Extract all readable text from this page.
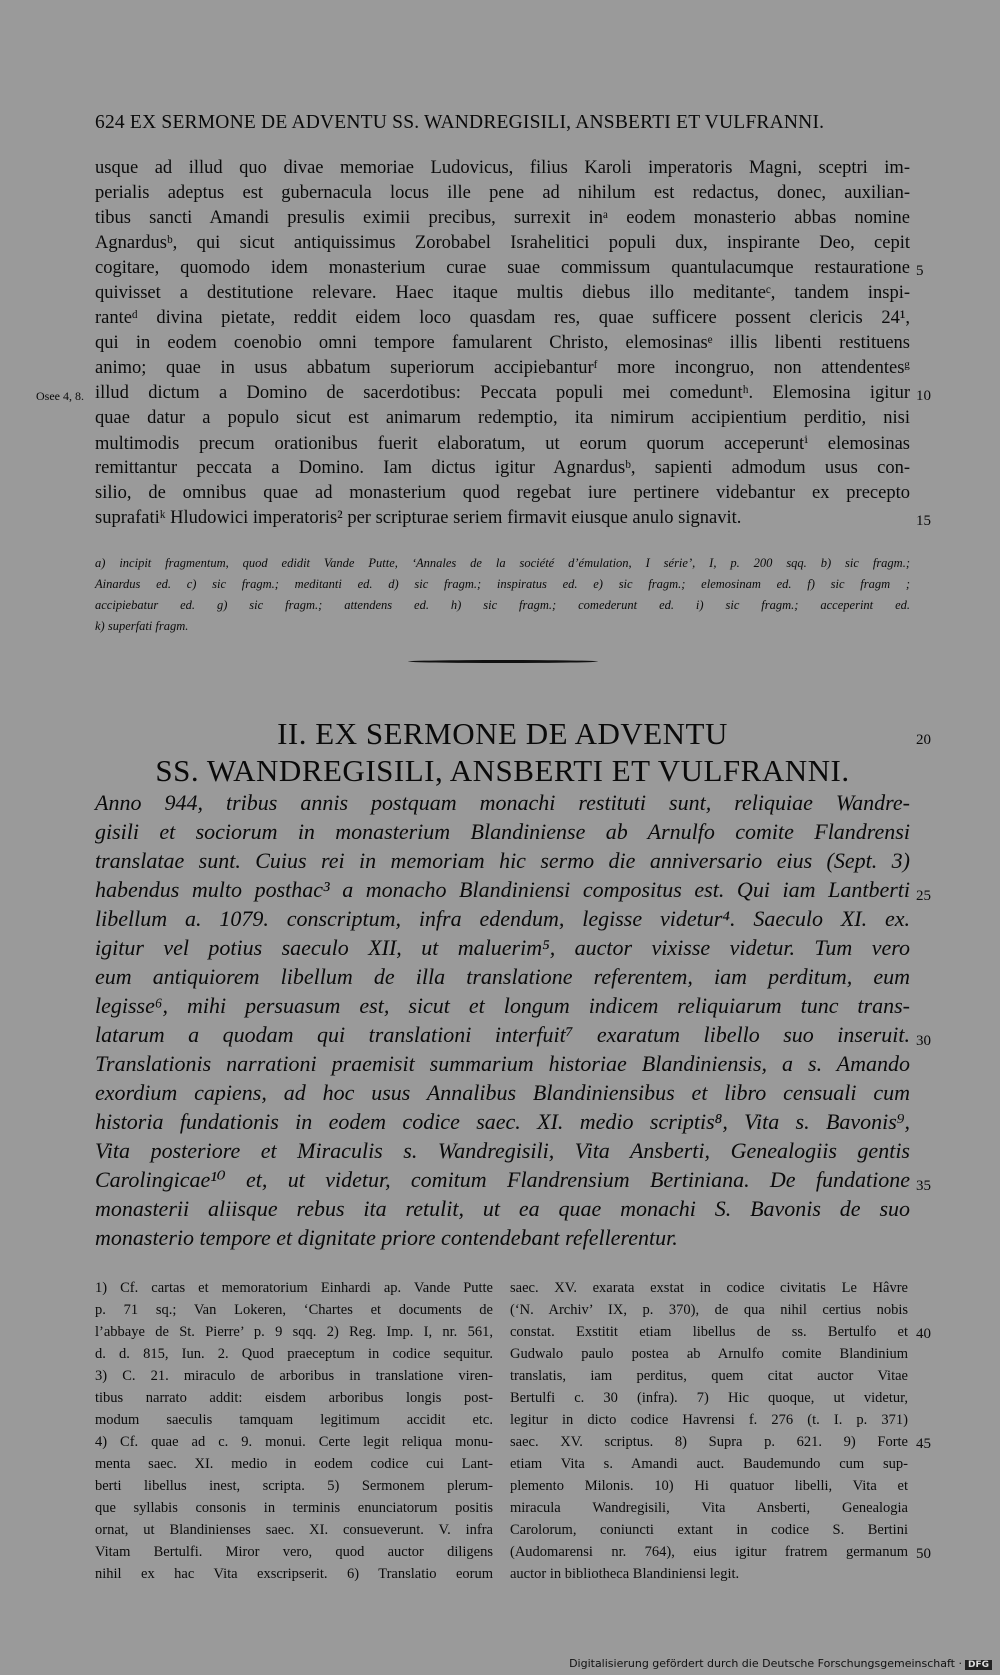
624 EX SERMONE DE ADVENTU SS. WANDREGISILI, ANSBERTI ET VULFRANNI.
usque ad illud quo divae memoriae Ludovicus, filius Karoli imperatoris Magni, sceptri im-
perialis adeptus est gubernacula locus ille pene ad nihilum est redactus, donec, auxilian-
tibus sancti Amandi presulis eximii precibus, surrexit inᵃ eodem monasterio abbas nomine
Agnardusᵇ, qui sicut antiquissimus Zorobabel Israhelitici populi dux, inspirante Deo, cepit
cogitare, quomodo idem monasterium curae suae commissum quantulacumque restauratione
quivisset a destitutione relevare. Haec itaque multis diebus illo meditanteᶜ, tandem inspi-
ranteᵈ divina pietate, reddit eidem loco quasdam res, quae sufficere possent clericis 24¹,
qui in eodem coenobio omni tempore famularent Christo, elemosinasᵉ illis libenti restituens
animo; quae in usus abbatum superiorum accipiebanturᶠ more incongruo, non attendentesᵍ
illud dictum a Domino de sacerdotibus: Peccata populi mei comeduntʰ. Elemosina igitur
quae datur a populo sicut est animarum redemptio, ita nimirum accipientium perditio, nisi
multimodis precum orationibus fuerit elaboratum, ut eorum quorum acceperuntⁱ elemosinas
remittantur peccata a Domino. Iam dictus igitur Agnardusᵇ, sapienti admodum usus con-
silio, de omnibus quae ad monasterium quod regebat iure pertinere videbantur ex precepto
suprafatiᵏ Hludowici imperatoris² per scripturae seriem firmavit eiusque anulo signavit.
5
10
15
Osee 4, 8.
a) incipit fragmentum, quod edidit Vande Putte, ‘Annales de la société d’émulation, I série’, I, p. 200 sqq. b) sic fragm.;
Ainardus ed. c) sic fragm.; meditanti ed. d) sic fragm.; inspiratus ed. e) sic fragm.; elemosinam ed. f) sic fragm ;
accipiebatur ed. g) sic fragm.; attendens ed. h) sic fragm.; comederunt ed. i) sic fragm.; acceperint ed.
k) superfati fragm.
II. EX SERMONE DE ADVENTU
SS. WANDREGISILI, ANSBERTI ET VULFRANNI.
20
Anno 944, tribus annis postquam monachi restituti sunt, reliquiae Wandre-
gisili et sociorum in monasterium Blandiniense ab Arnulfo comite Flandrensi
translatae sunt. Cuius rei in memoriam hic sermo die anniversario eius (Sept. 3)
habendus multo posthac³ a monacho Blandiniensi compositus est. Qui iam Lantberti
libellum a. 1079. conscriptum, infra edendum, legisse videtur⁴. Saeculo XI. ex.
igitur vel potius saeculo XII, ut maluerim⁵, auctor vixisse videtur. Tum vero
eum antiquiorem libellum de illa translatione referentem, iam perditum, eum
legisse⁶, mihi persuasum est, sicut et longum indicem reliquiarum tunc trans-
latarum a quodam qui translationi interfuit⁷ exaratum libello suo inseruit.
Translationis narrationi praemisit summarium historiae Blandiniensis, a s. Amando
exordium capiens, ad hoc usus Annalibus Blandiniensibus et libro censuali cum
historia fundationis in eodem codice saec. XI. medio scriptis⁸, Vita s. Bavonis⁹,
Vita posteriore et Miraculis s. Wandregisili, Vita Ansberti, Genealogiis gentis
Carolingicae¹⁰ et, ut videtur, comitum Flandrensium Bertiniana. De fundatione
monasterii aliisque rebus ita retulit, ut ea quae monachi S. Bavonis de suo
monasterio tempore et dignitate priore contendebant refellerentur.
25
30
35
1) Cf. cartas et memoratorium Einhardi ap. Vande Putte
p. 71 sq.; Van Lokeren, ‘Chartes et documents de
l’abbaye de St. Pierre’ p. 9 sqq. 2) Reg. Imp. I, nr. 561,
d. d. 815, Iun. 2. Quod praeceptum in codice sequitur.
3) C. 21. miraculo de arboribus in translatione viren-
tibus narrato addit: eisdem arboribus longis post-
modum saeculis tamquam legitimum accidit etc.
4) Cf. quae ad c. 9. monui. Certe legit reliqua monu-
menta saec. XI. medio in eodem codice cui Lant-
berti libellus inest, scripta. 5) Sermonem plerum-
que syllabis consonis in terminis enunciatorum positis
ornat, ut Blandinienses saec. XI. consueverunt. V. infra
Vitam Bertulfi. Miror vero, quod auctor diligens
nihil ex hac Vita exscripserit. 6) Translatio eorum
saec. XV. exarata exstat in codice civitatis Le Hâvre
(‘N. Archiv’ IX, p. 370), de qua nihil certius nobis
constat. Exstitit etiam libellus de ss. Bertulfo et
Gudwalo paulo postea ab Arnulfo comite Blandinium
translatis, iam perditus, quem citat auctor Vitae
Bertulfi c. 30 (infra). 7) Hic quoque, ut videtur,
legitur in dicto codice Havrensi f. 276 (t. I. p. 371)
saec. XV. scriptus. 8) Supra p. 621. 9) Forte
etiam Vita s. Amandi auct. Baudemundo cum sup-
plemento Milonis. 10) Hi quatuor libelli, Vita et
miracula Wandregisili, Vita Ansberti, Genealogia
Carolorum, coniuncti extant in codice S. Bertini
(Audomarensi nr. 764), eius igitur fratrem germanum
auctor in bibliotheca Blandiniensi legit.
40
45
50
Digitalisierung gefördert durch die Deutsche Forschungsgemeinschaft · DFG
